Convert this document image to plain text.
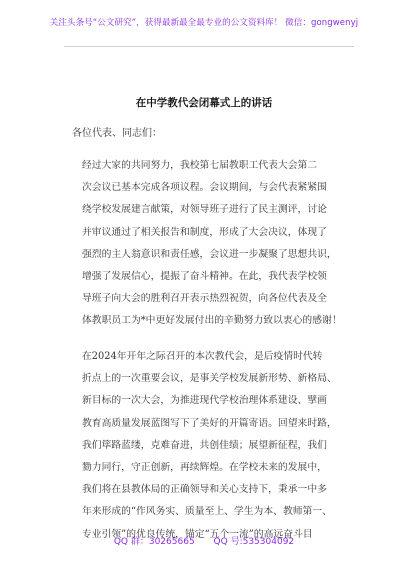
关注头条号“公文研究”，获得最新最全最专业的公文资料库！ 微信：gongwenyj
在中学教代会闭幕式上的讲话
各位代表、同志们：
经过大家的共同努力，我校第七届教职工代表大会第二
次会议已基本完成各项议程。会议期间，与会代表紧紧围
绕学校发展建言献策，对领导班子进行了民主测评，讨论
并审议通过了相关报告和制度，形成了大会决议，体现了
强烈的主人翁意识和责任感，会议进一步凝聚了思想共识，
增强了发展信心，提振了奋斗精神。在此，我代表学校领
导班子向大会的胜利召开表示热烈祝贺，向各位代表及全
体教职员工为*中更好发展付出的辛勤努力致以衷心的感谢！
在2024年开年之际召开的本次教代会，是后疫情时代转
折点上的一次重要会议，是事关学校发展新形势、新格局、
新目标的一次大会，为推进现代学校治理体系建设、擘画
教育高质量发展蓝图写下了美好的开篇寄语。回望来时路，
我们筚路蓝缕，克难奋进，共创佳绩；展望新征程，我们
勠力同行，守正创新，再续辉煌。在学校未来的发展中，
我们将在县教体局的正确领导和关心支持下，秉承一中多
年来形成的“作风务实、质量至上、学生为本、教师第一、
专业引领”的优良传统，锚定“五个一流”的高远奋斗目
QQ 群：30265665 QQ 号:535304092
